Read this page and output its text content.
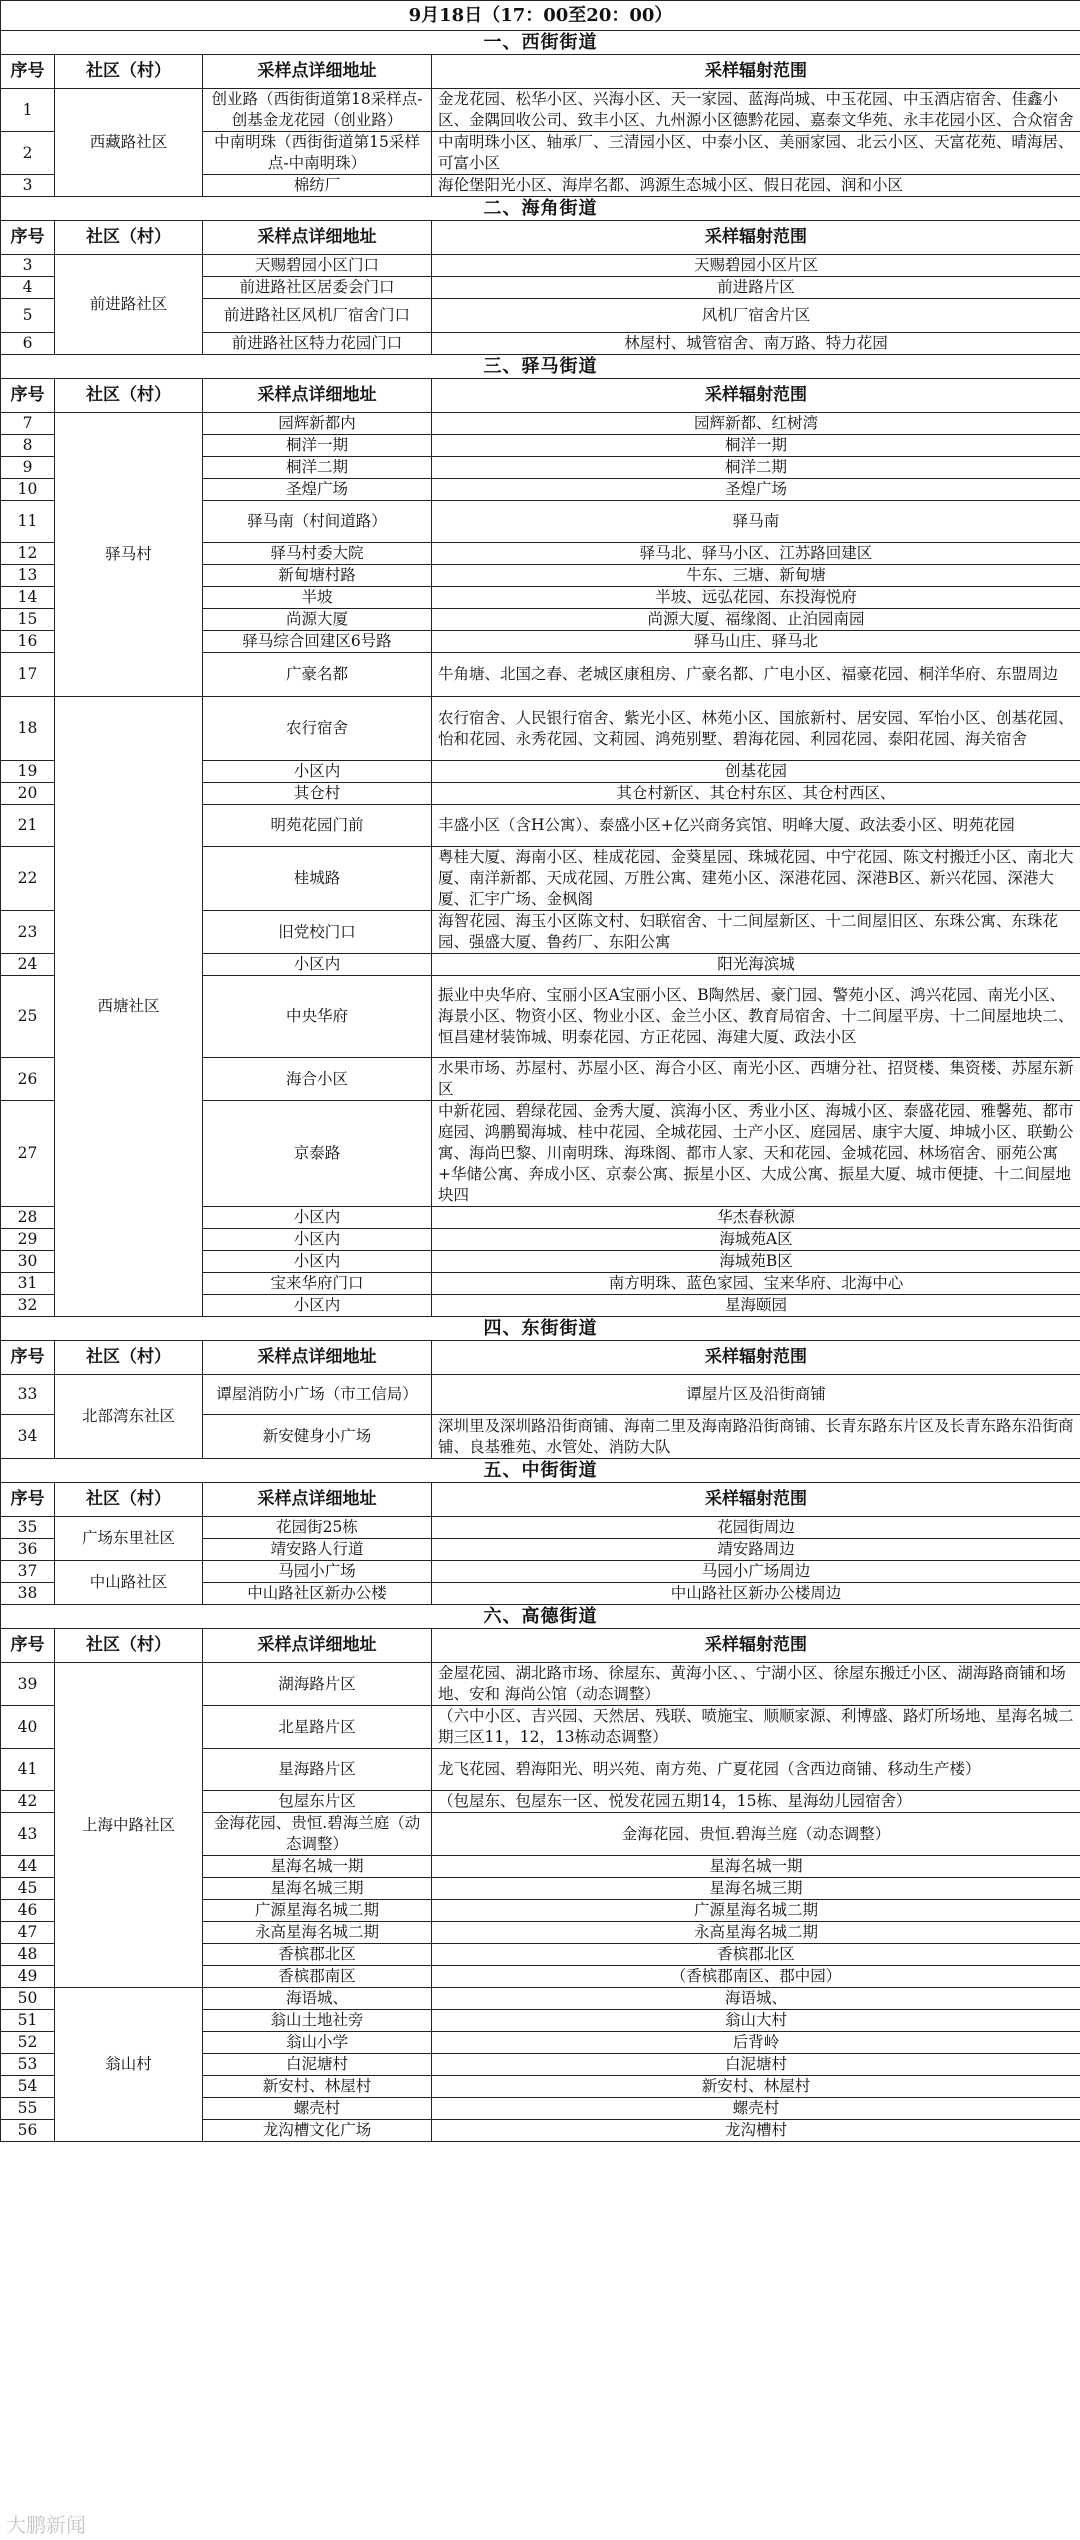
9月18日（17：00至20：00）			
一、西街街道			
序号	社区（村）	采样点详细地址	采样辐射范围
1	西藏路社区	创业路（西街街道第18采样点-创基金龙花园（创业路）	金龙花园、松华小区、兴海小区、天一家园、蓝海尚城、中玉花园、中玉酒店宿舍、佳鑫小区、金隅回收公司、致丰小区、九州源小区德黔花园、嘉泰文华苑、永丰花园小区、合众宿舍
2		中南明珠（西街街道第15采样点-中南明珠）	中南明珠小区、轴承厂、三清园小区、中泰小区、美丽家园、北云小区、天富花苑、晴海居、可富小区
3		棉纺厂	海伦堡阳光小区、海岸名都、鸿源生态城小区、假日花园、润和小区
二、海角街道			
序号	社区（村）	采样点详细地址	采样辐射范围
3	前进路社区	天赐碧园小区门口	天赐碧园小区片区
4		前进路社区居委会门口	前进路片区
5		前进路社区风机厂宿舍门口	风机厂宿舍片区
6		前进路社区特力花园门口	林屋村、城管宿舍、南万路、特力花园
三、驿马街道			
序号	社区（村）	采样点详细地址	采样辐射范围
7	驿马村	园辉新都内	园辉新都、红树湾
8		桐洋一期	桐洋一期
9		桐洋二期	桐洋二期
10		圣煌广场	圣煌广场
11		驿马南（村间道路）	驿马南
12		驿马村委大院	驿马北、驿马小区、江苏路回建区
13		新甸塘村路	牛东、三塘、新甸塘
14		半坡	半坡、远弘花园、东投海悦府
15		尚源大厦	尚源大厦、福缘阁、止泊园南园
16		驿马综合回建区6号路	驿马山庄、驿马北
17		广豪名都	牛角塘、北国之春、老城区康租房、广豪名都、广电小区、福豪花园、桐洋华府、东盟周边
18	西塘社区	农行宿舍	农行宿舍、人民银行宿舍、紫光小区、林苑小区、国旅新村、居安园、军怡小区、创基花园、怡和花园、永秀花园、文莉园、鸿苑别墅、碧海花园、利园花园、泰阳花园、海关宿舍
19		小区内	创基花园
20		其仓村	其仓村新区、其仓村东区、其仓村西区、
21		明苑花园门前	丰盛小区（含H公寓）、泰盛小区+亿兴商务宾馆、明峰大厦、政法委小区、明苑花园
22		桂城路	粤桂大厦、海南小区、桂成花园、金葵星园、珠城花园、中宁花园、陈文村搬迁小区、南北大厦、南洋新都、天成花园、万胜公寓、建苑小区、深港花园、深港B区、新兴花园、深港大厦、汇宇广场、金枫阁
23		旧党校门口	海智花园、海玉小区陈文村、妇联宿舍、十二间屋新区、十二间屋旧区、东珠公寓、东珠花园、强盛大厦、鲁药厂、东阳公寓
24		小区内	阳光海滨城
25		中央华府	振业中央华府、宝丽小区A宝丽小区、B陶然居、豪门园、警苑小区、鸿兴花园、南光小区、海景小区、物资小区、物业小区、金兰小区、教育局宿舍、十二间屋平房、十二间屋地块二、恒昌建材装饰城、明泰花园、方正花园、海建大厦、政法小区
26		海合小区	水果市场、苏屋村、苏屋小区、海合小区、南光小区、西塘分社、招贤楼、集资楼、苏屋东新区
27		京泰路	中新花园、碧绿花园、金秀大厦、滨海小区、秀业小区、海城小区、泰盛花园、雅馨苑、都市庭园、鸿鹏蜀海城、桂中花园、全城花园、土产小区、庭园居、康宇大厦、坤城小区、联勤公寓、海尚巴黎、川南明珠、海珠阁、都市人家、天和花园、金城花园、林场宿舍、丽苑公寓+华储公寓、奔成小区、京泰公寓、振星小区、大成公寓、振星大厦、城市便捷、十二间屋地块四
28		小区内	华杰春秋源
29		小区内	海城苑A区
30		小区内	海城苑B区
31		宝来华府门口	南方明珠、蓝色家园、宝来华府、北海中心
32		小区内	星海颐园
四、东街街道			
序号	社区（村）	采样点详细地址	采样辐射范围
33	北部湾东社区	谭屋消防小广场（市工信局）	谭屋片区及沿街商铺
34		新安健身小广场	深圳里及深圳路沿街商铺、海南二里及海南路沿街商铺、长青东路东片区及长青东路东沿街商铺、良基雅苑、水管处、消防大队
五、中街街道			
序号	社区（村）	采样点详细地址	采样辐射范围
35	广场东里社区	花园街25栋	花园街周边
36		靖安路人行道	靖安路周边
37	中山路社区	马园小广场	马园小广场周边
38		中山路社区新办公楼	中山路社区新办公楼周边
六、高德街道			
序号	社区（村）	采样点详细地址	采样辐射范围
39	上海中路社区	湖海路片区	金屋花园、湖北路市场、徐屋东、黄海小区、、宁湖小区、徐屋东搬迁小区、湖海路商铺和场地、安和 海尚公馆（动态调整）
40		北星路片区	（六中小区、吉兴园、天然居、残联、喷施宝、顺顺家源、利博盛、路灯所场地、星海名城二期三区11，12，13栋动态调整）
41		星海路片区	龙飞花园、碧海阳光、明兴苑、南方苑、广夏花园（含西边商铺、移动生产楼）
42		包屋东片区	（包屋东、包屋东一区、悦发花园五期14，15栋、星海幼儿园宿舍）
43		金海花园、贵恒.碧海兰庭（动态调整）	金海花园、贵恒.碧海兰庭（动态调整）
44		星海名城一期	星海名城一期
45		星海名城三期	星海名城三期
46		广源星海名城二期	广源星海名城二期
47		永高星海名城二期	永高星海名城二期
48		香槟郡北区	香槟郡北区
49		香槟郡南区	（香槟郡南区、郡中园）
50	翁山村	海语城、	海语城、
51		翁山土地社旁	翁山大村
52		翁山小学	后背岭
53		白泥塘村	白泥塘村
54		新安村、林屋村	新安村、林屋村
55		螺壳村	螺壳村
56		龙沟槽文化广场	龙沟槽村
大鹏新闻
